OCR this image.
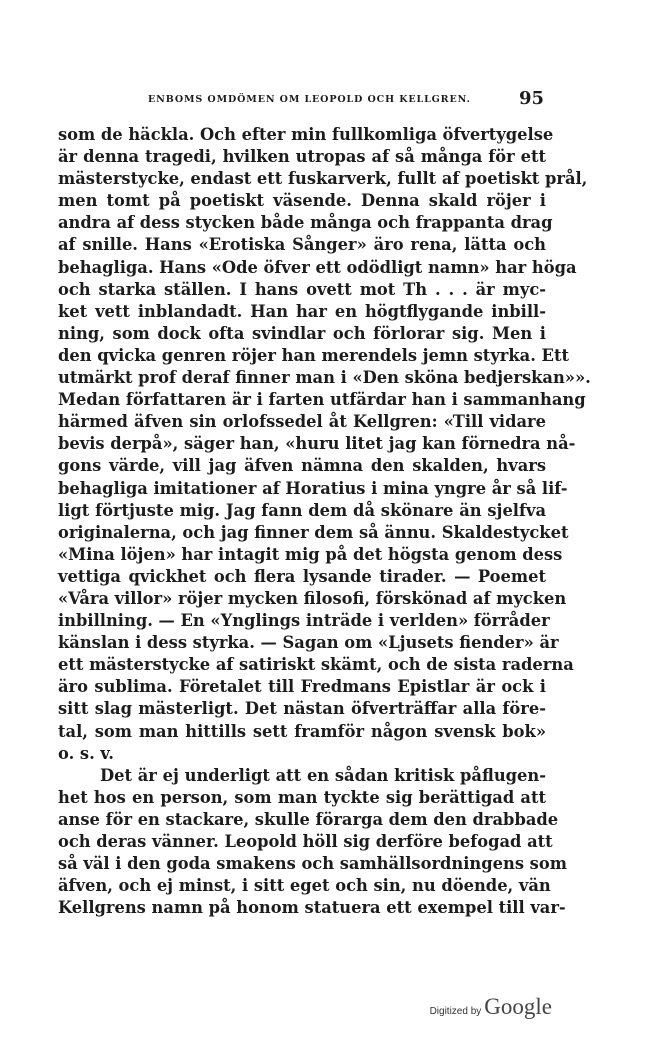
ENBOMS OMDÖMEN OM LEOPOLD OCH KELLGREN.	95
som de häckla. Och efter min fullkomliga öfvertygelse
är denna tragedi, hvilken utropas af så många för ett
mästerstycke, endast ett fuskarverk, fullt af poetiskt prål,
men tomt på poetiskt väsende. Denna skald röjer i
andra af dess stycken både många och frappanta drag
af snille. Hans «Erotiska Sånger» äro rena, lätta och
behagliga. Hans «Ode öfver ett odödligt namn» har höga
och starka ställen. I hans ovett mot Th . . . är myc-
ket vett inblandadt. Han har en högtflygande inbill-
ning, som dock ofta svindlar och förlorar sig. Men i
den qvicka genren röjer han merendels jemn styrka. Ett
utmärkt prof deraf finner man i «Den sköna bedjerskan»».
Medan författaren är i farten utfärdar han i sammanhang
härmed äfven sin orlofssedel åt Kellgren: «Till vidare
bevis derpå», säger han, «huru litet jag kan förnedra nå-
gons värde, vill jag äfven nämna den skalden, hvars
behagliga imitationer af Horatius i mina yngre år så lif-
ligt förtjuste mig. Jag fann dem då skönare än sjelfva
originalerna, och jag finner dem så ännu. Skaldestycket
«Mina löjen» har intagit mig på det högsta genom dess
vettiga qvickhet och flera lysande tirader. — Poemet
«Våra villor» röjer mycken filosofi, förskönad af mycken
inbillning. — En «Ynglings inträde i verlden» förråder
känslan i dess styrka. — Sagan om «Ljusets fiender» är
ett mästerstycke af satiriskt skämt, och de sista raderna
äro sublima. Företalet till Fredmans Epistlar är ock i
sitt slag mästerligt. Det nästan öfverträffar alla före-
tal, som man hittills sett framför någon svensk bok»
o. s. v.
Det är ej underligt att en sådan kritisk påflugen-
het hos en person, som man tyckte sig berättigad att
anse för en stackare, skulle förarga dem den drabbade
och deras vänner. Leopold höll sig derföre befogad att
så väl i den goda smakens och samhällsordningens som
äfven, och ej minst, i sitt eget och sin, nu döende, vän
Kellgrens namn på honom statuera ett exempel till var-
Digitized by Google
